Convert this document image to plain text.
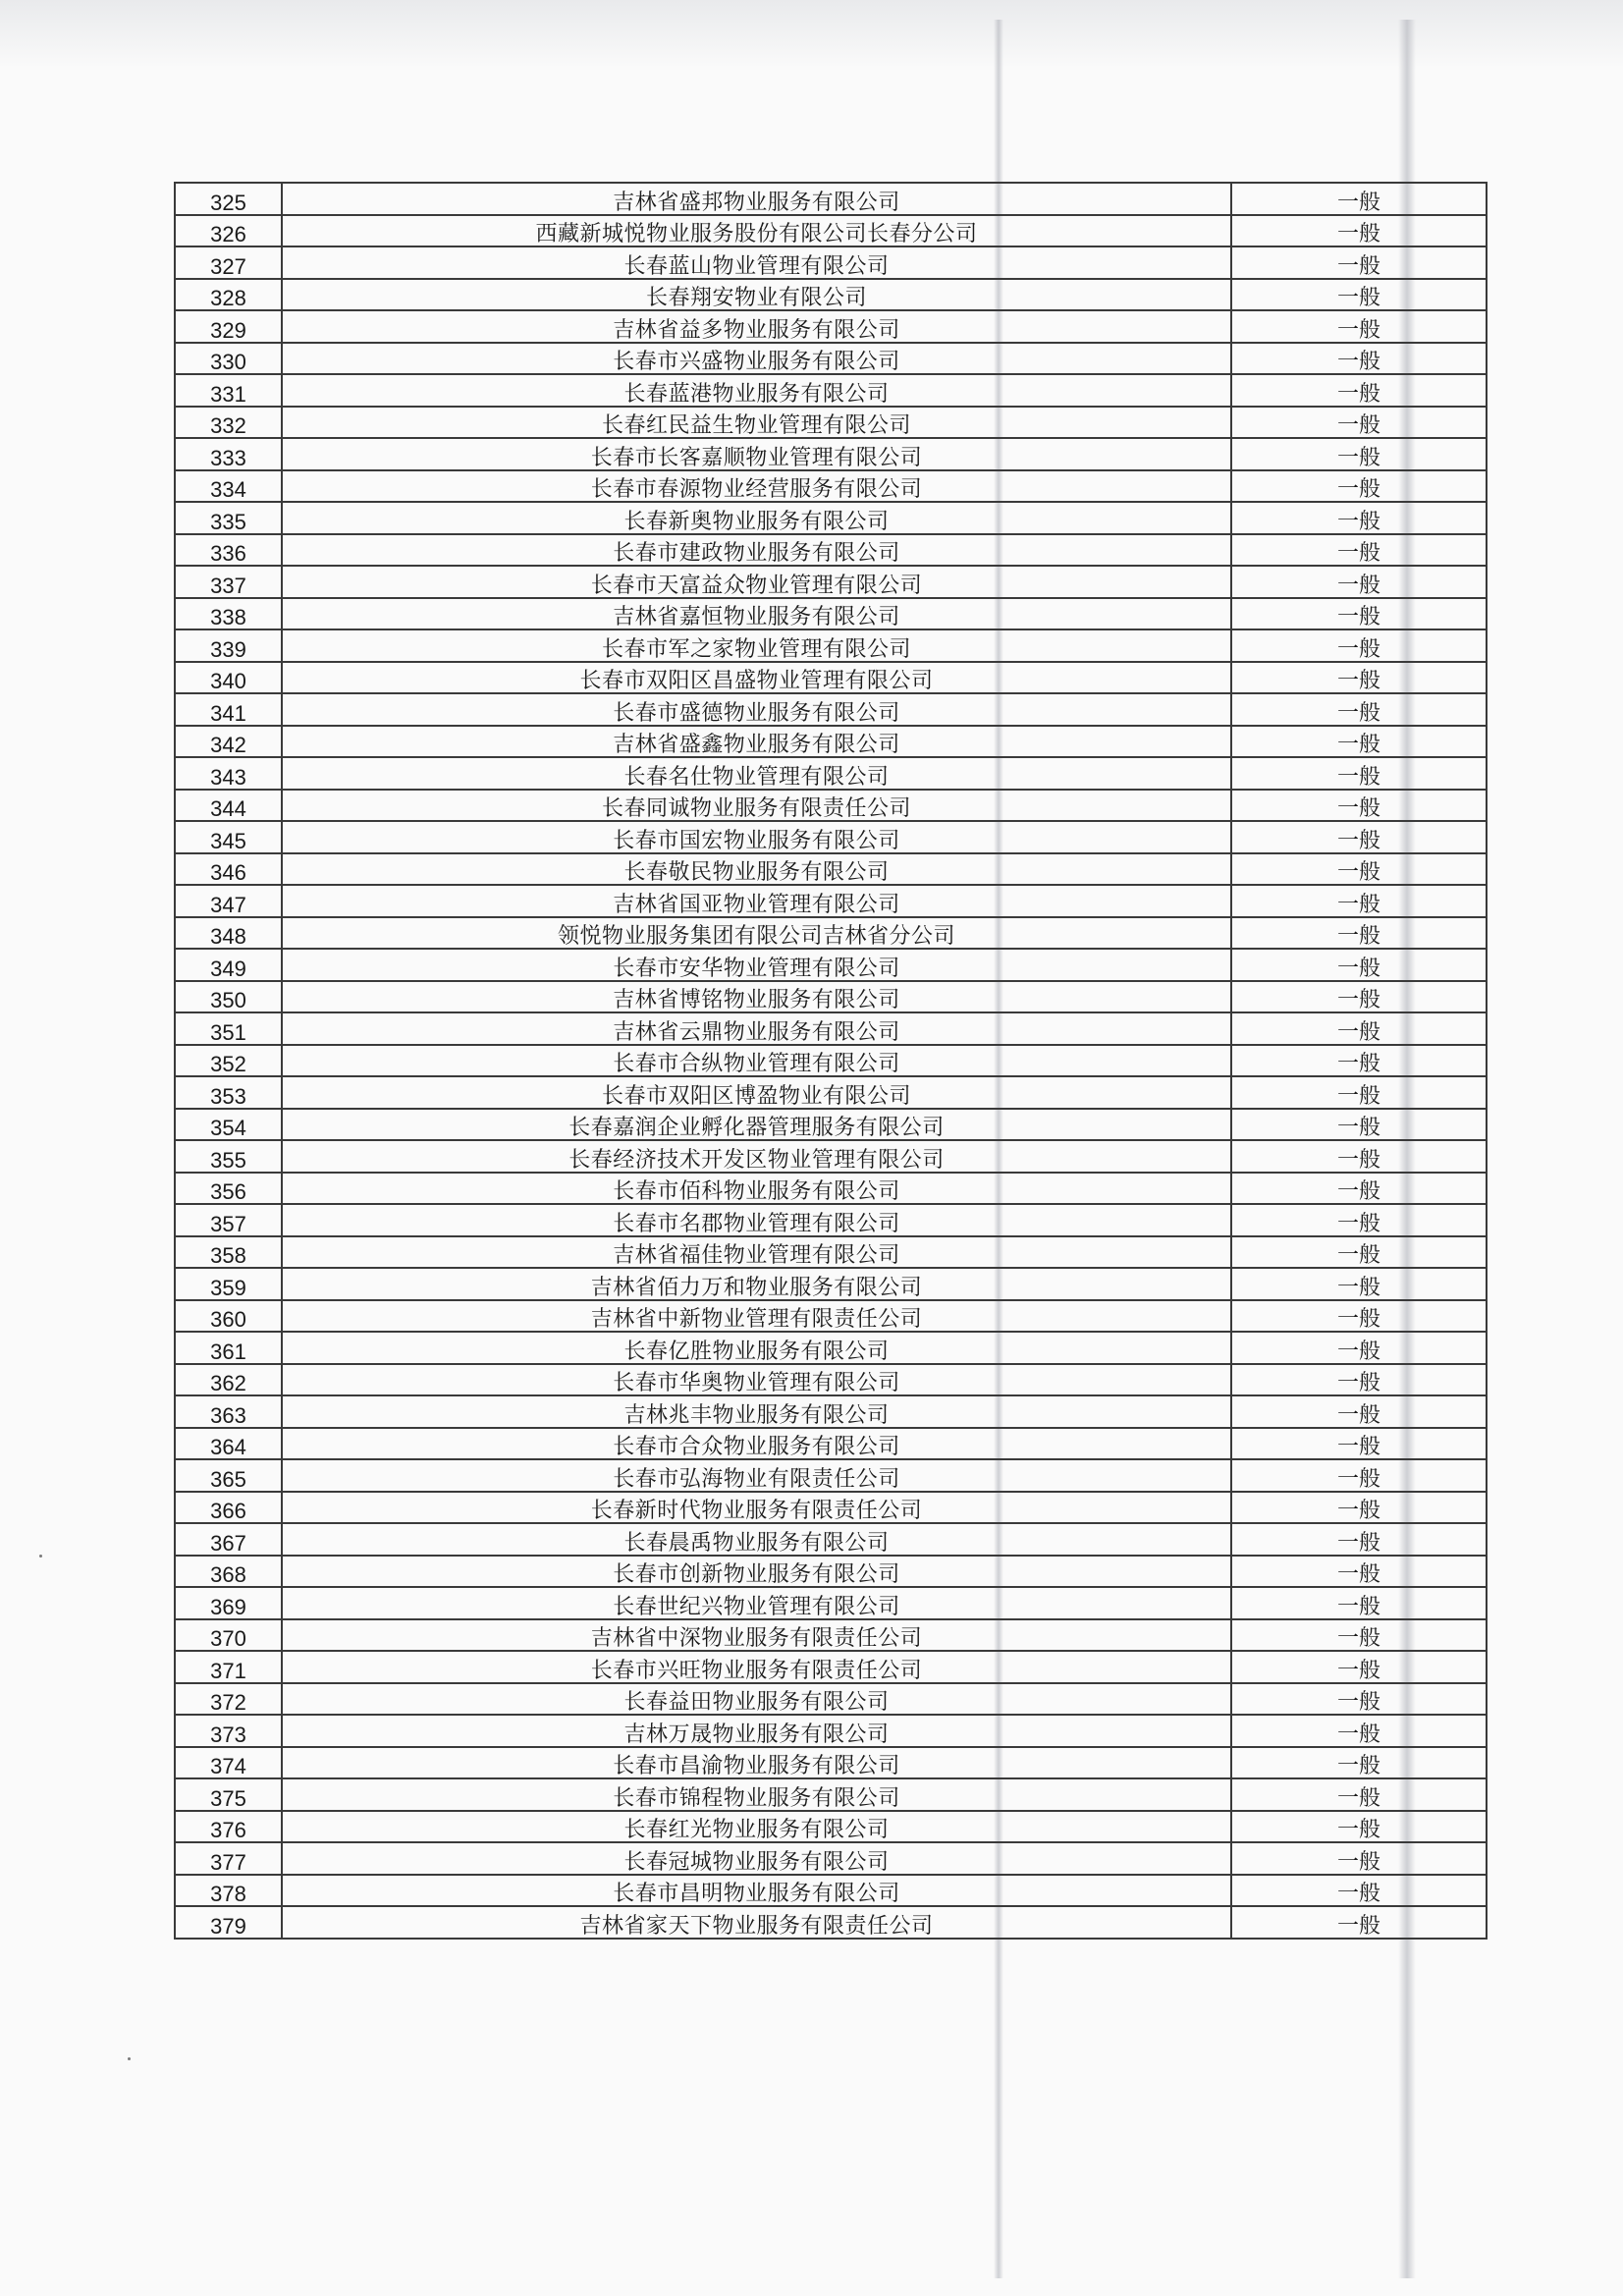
325	吉林省盛邦物业服务有限公司	一般
326	西藏新城悦物业服务股份有限公司长春分公司	一般
327	长春蓝山物业管理有限公司	一般
328	长春翔安物业有限公司	一般
329	吉林省益多物业服务有限公司	一般
330	长春市兴盛物业服务有限公司	一般
331	长春蓝港物业服务有限公司	一般
332	长春红民益生物业管理有限公司	一般
333	长春市长客嘉顺物业管理有限公司	一般
334	长春市春源物业经营服务有限公司	一般
335	长春新奥物业服务有限公司	一般
336	长春市建政物业服务有限公司	一般
337	长春市天富益众物业管理有限公司	一般
338	吉林省嘉恒物业服务有限公司	一般
339	长春市军之家物业管理有限公司	一般
340	长春市双阳区昌盛物业管理有限公司	一般
341	长春市盛德物业服务有限公司	一般
342	吉林省盛鑫物业服务有限公司	一般
343	长春名仕物业管理有限公司	一般
344	长春同诚物业服务有限责任公司	一般
345	长春市国宏物业服务有限公司	一般
346	长春敬民物业服务有限公司	一般
347	吉林省国亚物业管理有限公司	一般
348	领悦物业服务集团有限公司吉林省分公司	一般
349	长春市安华物业管理有限公司	一般
350	吉林省博铭物业服务有限公司	一般
351	吉林省云鼎物业服务有限公司	一般
352	长春市合纵物业管理有限公司	一般
353	长春市双阳区博盈物业有限公司	一般
354	长春嘉润企业孵化器管理服务有限公司	一般
355	长春经济技术开发区物业管理有限公司	一般
356	长春市佰科物业服务有限公司	一般
357	长春市名郡物业管理有限公司	一般
358	吉林省福佳物业管理有限公司	一般
359	吉林省佰力万和物业服务有限公司	一般
360	吉林省中新物业管理有限责任公司	一般
361	长春亿胜物业服务有限公司	一般
362	长春市华奥物业管理有限公司	一般
363	吉林兆丰物业服务有限公司	一般
364	长春市合众物业服务有限公司	一般
365	长春市弘海物业有限责任公司	一般
366	长春新时代物业服务有限责任公司	一般
367	长春晨禹物业服务有限公司	一般
368	长春市创新物业服务有限公司	一般
369	长春世纪兴物业管理有限公司	一般
370	吉林省中深物业服务有限责任公司	一般
371	长春市兴旺物业服务有限责任公司	一般
372	长春益田物业服务有限公司	一般
373	吉林万晟物业服务有限公司	一般
374	长春市昌渝物业服务有限公司	一般
375	长春市锦程物业服务有限公司	一般
376	长春红光物业服务有限公司	一般
377	长春冠城物业服务有限公司	一般
378	长春市昌明物业服务有限公司	一般
379	吉林省家天下物业服务有限责任公司	一般
